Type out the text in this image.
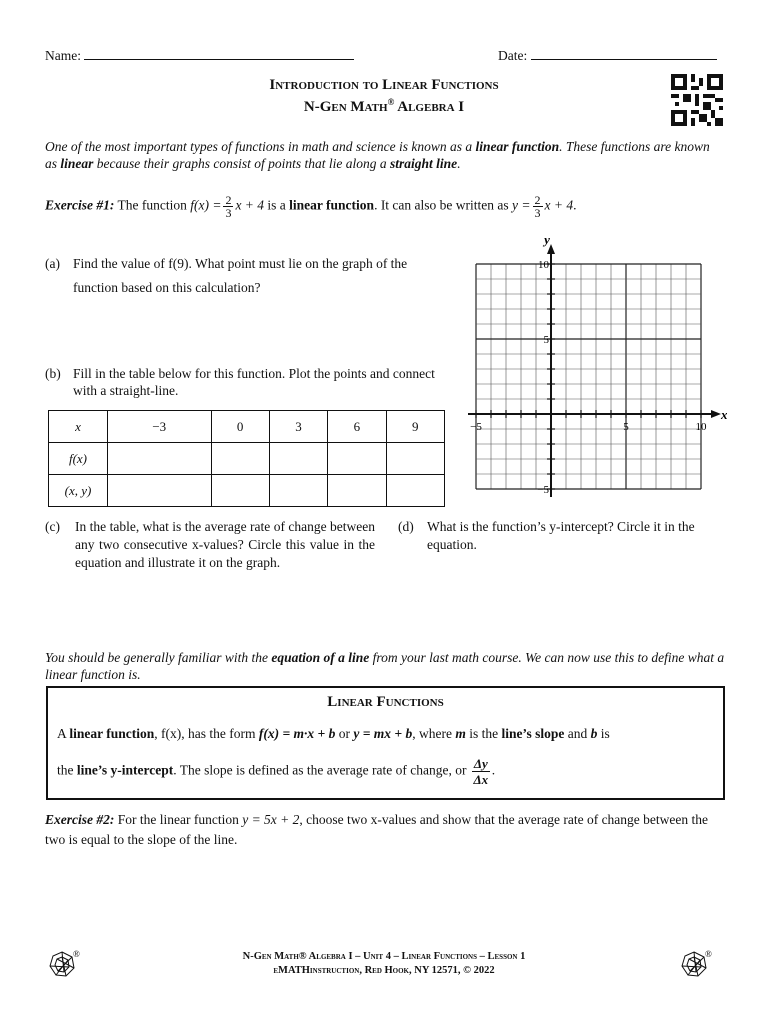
Name:	Date:
Introduction to Linear Functions
N-Gen Math® Algebra I
One of the most important types of functions in math and science is known as a linear function. These functions are known as linear because their graphs consist of points that lie along a straight line.
Exercise #1: The function $f(x) = \frac{2}{3}$ x + 4 is a linear function. It can also be written as $y = \frac{2}{3}$ x + 4.
(a) Find the value of f(9). What point must lie on the graph of the function based on this calculation?
(b) Fill in the table below for this function. Plot the points and connect with a straight-line.
x	−3	0	3	6	9
f(x)					
(x, y)					
−5	5	10
10
5
−5
x
y
(c) In the table, what is the average rate of change between any two consecutive x-values? Circle this value in the equation and illustrate it on the graph.
(d) What is the function’s y-intercept? Circle it in the equation.
You should be generally familiar with the equation of a line from your last math course. We can now use this to define what a linear function is.
Linear Functions
A linear function, f(x), has the form f(x) = m·x + b or y = mx + b, where m is the line’s slope and b is
the line’s y-intercept. The slope is defined as the average rate of change, or $\frac{\Delta y}{\Delta x}$ .
Exercise #2: For the linear function y = 5x + 2, choose two x-values and show that the average rate of change between the two is equal to the slope of the line.
®	®
N-Gen Math® Algebra I – Unit 4 – Linear Functions – Lesson 1
eMATHinstruction, Red Hook, NY 12571, © 2022
